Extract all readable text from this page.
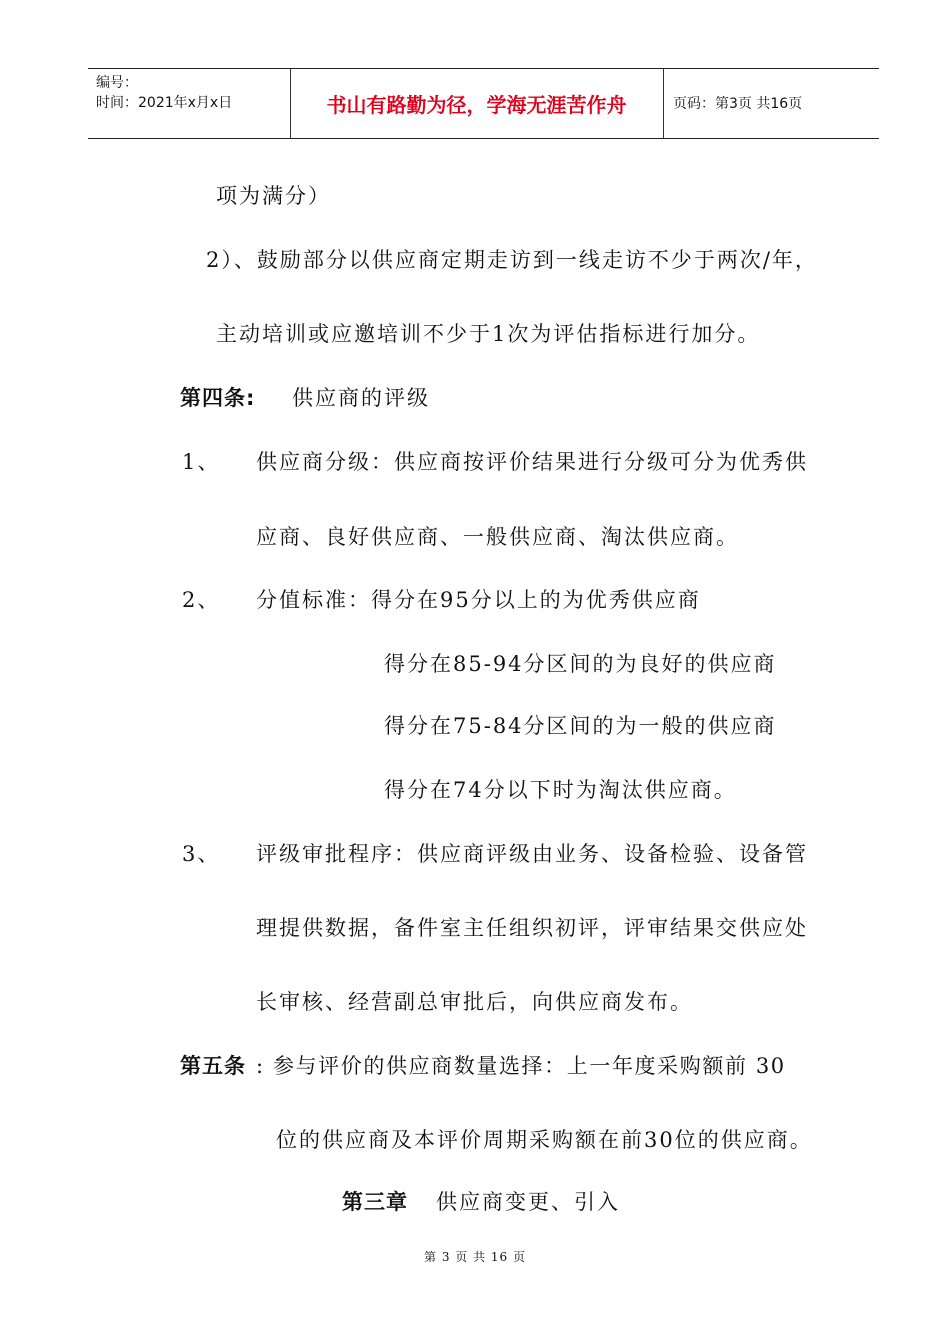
编号：
时间：2021年x月x日	书山有路勤为径，学海无涯苦作舟	页码：第3页 共16页
项为满分）
2）、鼓励部分以供应商定期走访到一线走访不少于两次/年，
主动培训或应邀培训不少于1次为评估指标进行加分。
第四条: 供应商的评级
1、 供应商分级：供应商按评价结果进行分级可分为优秀供
应商、良好供应商、一般供应商、淘汰供应商。
2、 分值标准：得分在95分以上的为优秀供应商
得分在85-94分区间的为良好的供应商
得分在75-84分区间的为一般的供应商
得分在74分以下时为淘汰供应商。
3、 评级审批程序：供应商评级由业务、设备检验、设备管
理提供数据，备件室主任组织初评，评审结果交供应处
长审核、经营副总审批后，向供应商发布。
第五条 : 参与评价的供应商数量选择：上一年度采购额前 30
位的供应商及本评价周期采购额在前30位的供应商。
第三章 供应商变更、引入
第 3 页 共 16 页
